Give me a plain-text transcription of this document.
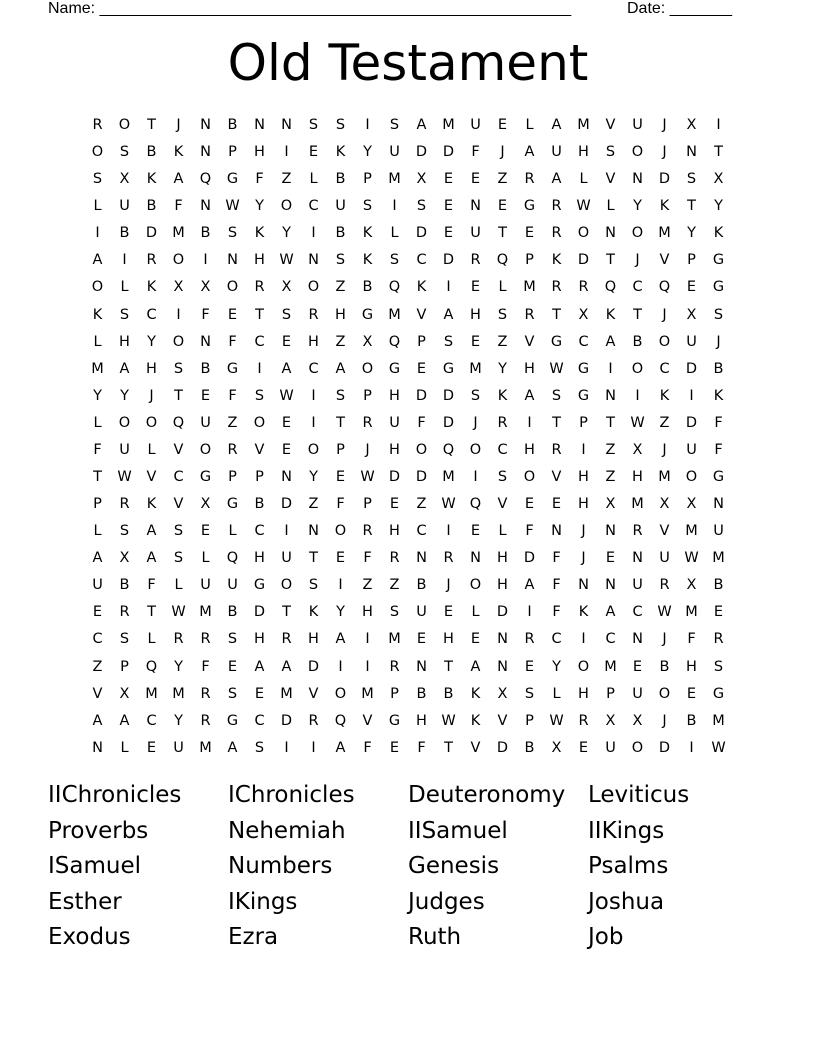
Name: _____________________________________________________	Date: _______
Old Testament
R	O	T	J	N	B	N	N	S	S	I	S	A	M	U	E	L	A	M	V	U	J	X	I
O	S	B	K	N	P	H	I	E	K	Y	U	D	D	F	J	A	U	H	S	O	J	N	T
S	X	K	A	Q	G	F	Z	L	B	P	M	X	E	E	Z	R	A	L	V	N	D	S	X
L	U	B	F	N W	Y	O	C	U	S	I	S	E	N	E	G	R	W	L	Y	K	T	Y
I	B	D	M	B	S	K	Y	I	B	K	L	D	E	U	T	E	R	O	N	O	M	Y	K
A	I	R	O	I	N	H W N	S	K	S	C	D	R	Q	P	K	D	T	J	V	P	G
O	L	K	X	X	O	R	X	O	Z	B	Q	K	I	E	L	M	R	R	Q	C	Q	E	G
K	S	C	I	F	E	T	S	R	H	G	M	V	A	H	S	R	T	X	K	T	J	X	S
L	H	Y	O	N	F	C	E	H	Z	X	Q	P	S	E	Z	V	G	C	A	B	O	U	J
M	A	H	S	B	G	I	A	C	A	O	G	E	G	M	Y	H W G	I	O	C	D	B
Y	Y	J	T	E	F	S	W	I	S	P	H	D	D	S	K	A	S	G	N	I	K	I	K
L	O	O	Q	U	Z	O	E	I	T	R	U	F	D	J	R	I	T	P	T	W	Z	D	F
F	U	L	V	O	R	V	E	O	P	J	H	O	Q	O	C	H	R	I	Z	X	J	U	F
T	W	V	C	G	P	P	N	Y	E	W D	D	M	I	S	O	V	H	Z	H	M	O	G
P	R	K	V	X	G	B	D	Z	F	P	E	Z	W Q	V	E	E	H	X	M	X	X	N
L	S	A	S	E	L	C	I	N	O	R	H	C	I	E	L	F	N	J	N	R	V	M	U
A	X	A	S	L	Q	H	U	T	E	F	R	N	R	N	H	D	F	J	E	N	U	W M
U	B	F	L	U	U	G	O	S	I	Z	Z	B	J	O	H	A	F	N	N	U	R	X	B
E	R	T	W M	B	D	T	K	Y	H	S	U	E	L	D	I	F	K	A	C	W M	E
C	S	L	R	R	S	H	R	H	A	I	M	E	H	E	N	R	C	I	C	N	J	F	R
Z	P	Q	Y	F	E	A	A	D	I	I	R	N	T	A	N	E	Y	O	M	E	B	H	S
V	X	M M	R	S	E	M	V	O	M	P	B	B	K	X	S	L	H	P	U	O	E	G
A	A	C	Y	R	G	C	D	R	Q	V	G	H W	K	V	P	W	R	X	X	J	B	M
N	L	E	U	M	A	S	I	I	A	F	E	F	T	V	D	B	X	E	U	O	D	I	W
IIChronicles	IChronicles	Deuteronomy Leviticus
Proverbs	Nehemiah	IISamuel	IIKings
ISamuel	Numbers	Genesis	Psalms
Esther	IKings	Judges	Joshua
Exodus	Ezra	Ruth	Job
